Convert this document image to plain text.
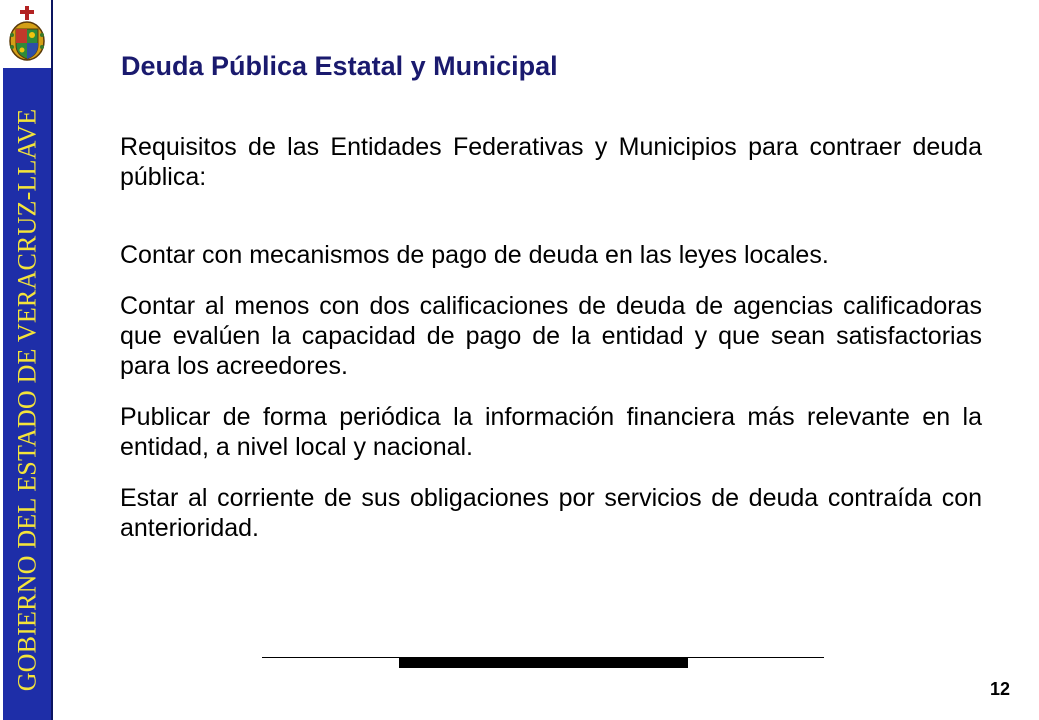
GOBIERNO DEL ESTADO DE VERACRUZ-LLAVE
Deuda Pública Estatal y Municipal

Requisitos de las Entidades Federativas y Municipios para contraer deuda pública:

Contar con mecanismos de pago de deuda en las leyes locales.

Contar al menos con dos calificaciones de deuda de agencias calificadoras que evalúen la capacidad de pago de la entidad y que sean satisfactorias para los acreedores.

Publicar de forma periódica la información financiera más relevante en la entidad, a nivel local y nacional.

Estar al corriente de sus obligaciones por servicios de deuda contraída con anterioridad.

12
